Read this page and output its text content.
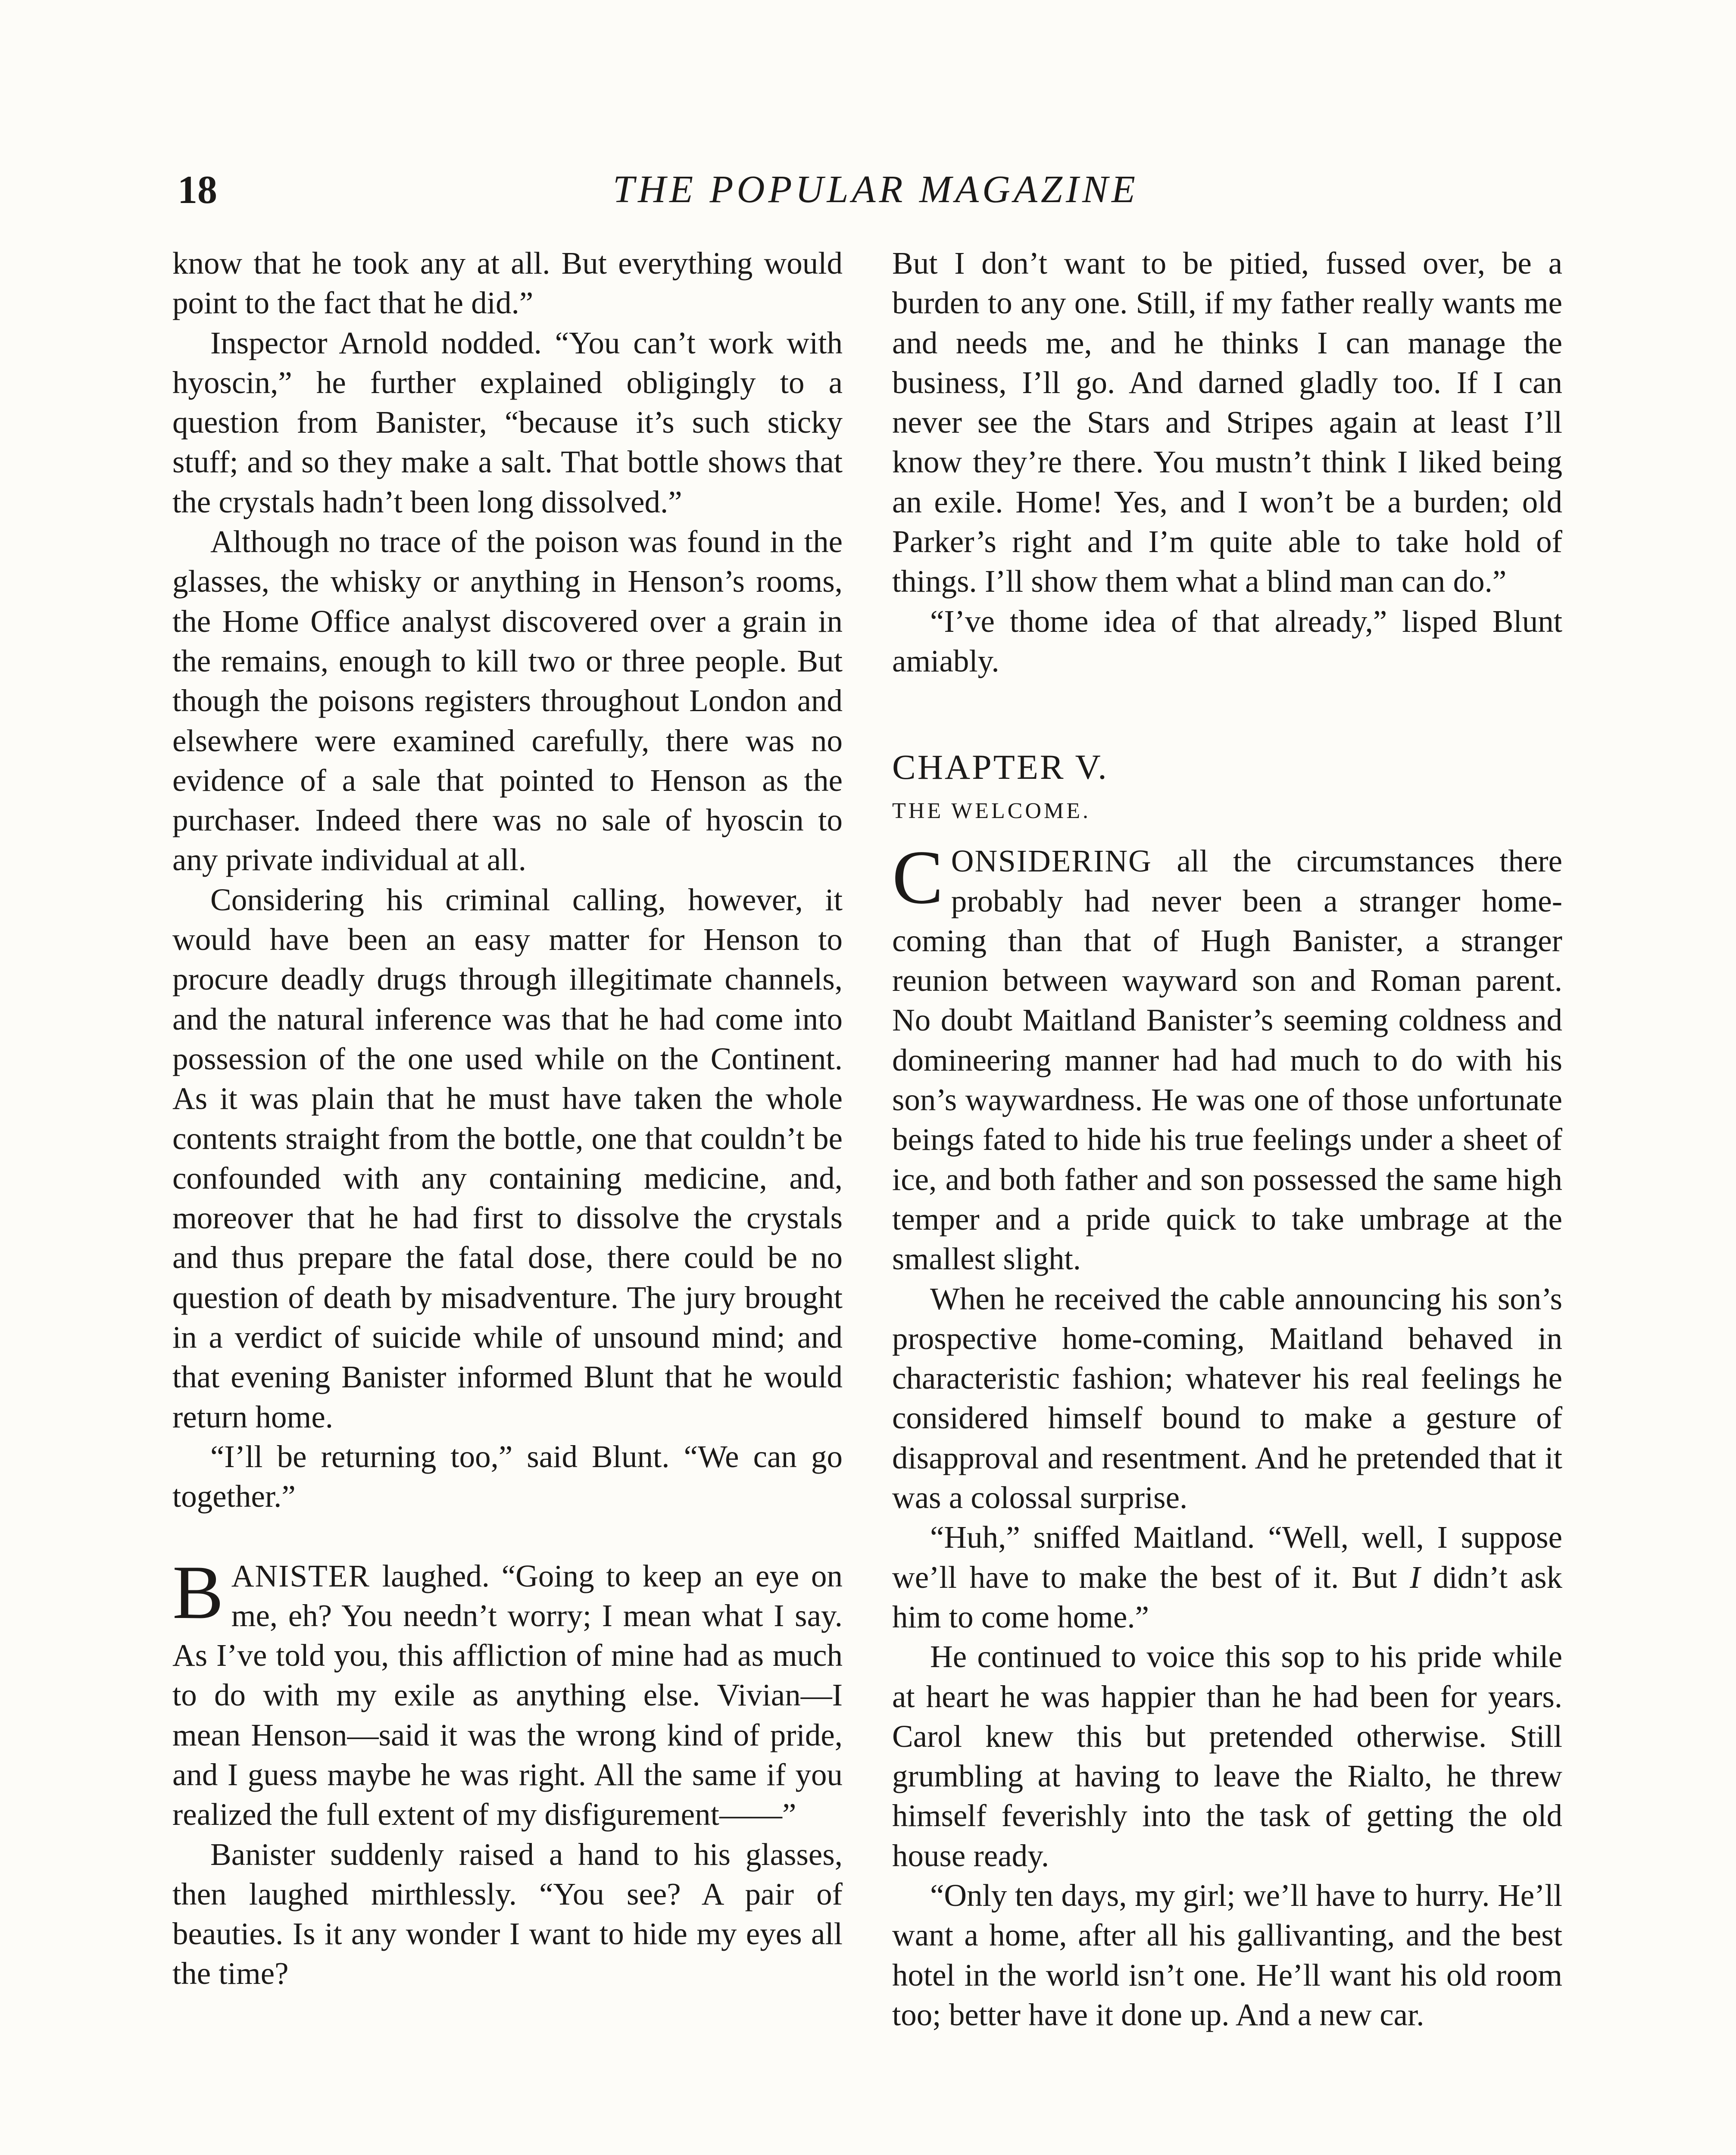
18	THE POPULAR MAGAZINE

know that he took any at all. But everything would point to the fact that he did.”

Inspector Arnold nodded. “You can’t work with hyoscin,” he further explained obligingly to a question from Banister, “because it’s such sticky stuff; and so they make a salt. That bottle shows that the crystals hadn’t been long dissolved.”

Although no trace of the poison was found in the glasses, the whisky or anything in Henson’s rooms, the Home Office analyst discovered over a grain in the remains, enough to kill two or three people. But though the poisons registers throughout London and elsewhere were examined carefully, there was no evidence of a sale that pointed to Henson as the purchaser. Indeed there was no sale of hyoscin to any private individual at all.

Considering his criminal calling, however, it would have been an easy matter for Henson to procure deadly drugs through illegitimate channels, and the natural inference was that he had come into possession of the one used while on the Continent. As it was plain that he must have taken the whole contents straight from the bottle, one that couldn’t be confounded with any containing medicine, and, moreover that he had first to dissolve the crystals and thus prepare the fatal dose, there could be no question of death by misadventure. The jury brought in a verdict of suicide while of unsound mind; and that evening Banister informed Blunt that he would return home.

“I’ll be returning too,” said Blunt. “We can go together.”

BANISTER laughed. “Going to keep an eye on me, eh? You needn’t worry; I mean what I say. As I’ve told you, this affliction of mine had as much to do with my exile as anything else. Vivian—I mean Henson—said it was the wrong kind of pride, and I guess maybe he was right. All the same if you realized the full extent of my disfigurement——”

Banister suddenly raised a hand to his glasses, then laughed mirthlessly. “You see? A pair of beauties. Is it any wonder I want to hide my eyes all the time?

But I don’t want to be pitied, fussed over, be a burden to any one. Still, if my father really wants me and needs me, and he thinks I can manage the business, I’ll go. And darned gladly too. If I can never see the Stars and Stripes again at least I’ll know they’re there. You mustn’t think I liked being an exile. Home! Yes, and I won’t be a burden; old Parker’s right and I’m quite able to take hold of things. I’ll show them what a blind man can do.”

“I’ve thome idea of that already,” lisped Blunt amiably.

CHAPTER V.
THE WELCOME.

CONSIDERING all the circumstances there probably had never been a stranger home-coming than that of Hugh Banister, a stranger reunion between wayward son and Roman parent. No doubt Maitland Banister’s seeming coldness and domineering manner had had much to do with his son’s waywardness. He was one of those unfortunate beings fated to hide his true feelings under a sheet of ice, and both father and son possessed the same high temper and a pride quick to take umbrage at the smallest slight.

When he received the cable announcing his son’s prospective home-coming, Maitland behaved in characteristic fashion; whatever his real feelings he considered himself bound to make a gesture of disapproval and resentment. And he pretended that it was a colossal surprise.

“Huh,” sniffed Maitland. “Well, well, I suppose we’ll have to make the best of it. But I didn’t ask him to come home.”

He continued to voice this sop to his pride while at heart he was happier than he had been for years. Carol knew this but pretended otherwise. Still grumbling at having to leave the Rialto, he threw himself feverishly into the task of getting the old house ready.

“Only ten days, my girl; we’ll have to hurry. He’ll want a home, after all his gallivanting, and the best hotel in the world isn’t one. He’ll want his old room too; better have it done up. And a new car.
